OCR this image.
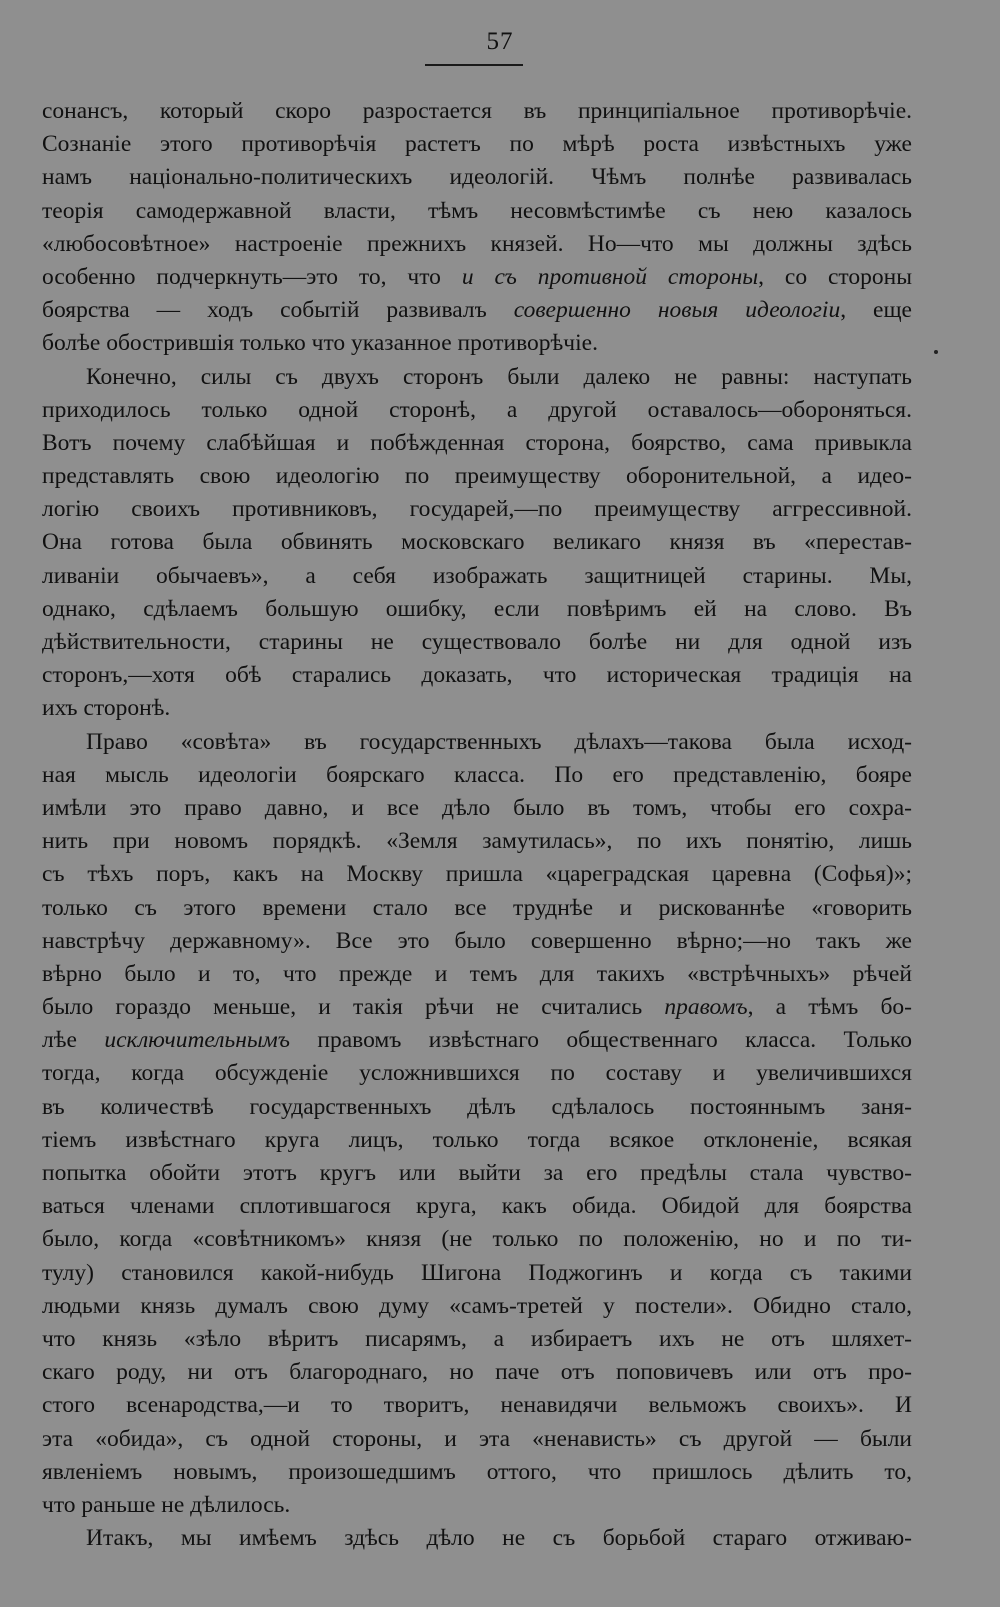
57
сонансъ, который скоро разростается въ принципіальное противорѣчіе.
Сознаніе этого противорѣчія растетъ по мѣрѣ роста извѣстныхъ уже
намъ національно-политическихъ идеологій. Чѣмъ полнѣе развивалась
теорія самодержавной власти, тѣмъ несовмѣстимѣе съ нею казалось
«любосовѣтное» настроеніе прежнихъ князей. Но—что мы должны здѣсь
особенно подчеркнуть—это то, что и съ противной стороны, со стороны
боярства — ходъ событій развивалъ совершенно новыя идеологіи, еще
болѣе обострившія только что указанное противорѣчіе.
Конечно, силы съ двухъ сторонъ были далеко не равны: наступать
приходилось только одной сторонѣ, а другой оставалось—обороняться.
Вотъ почему слабѣйшая и побѣжденная сторона, боярство, сама привыкла
представлять свою идеологію по преимуществу оборонительной, а идео-
логію своихъ противниковъ, государей,—по преимуществу аггрессивной.
Она готова была обвинять московскаго великаго князя въ «перестав-
ливаніи обычаевъ», а себя изображать защитницей старины. Мы,
однако, сдѣлаемъ большую ошибку, если повѣримъ ей на слово. Въ
дѣйствительности, старины не существовало болѣе ни для одной изъ
сторонъ,—хотя обѣ старались доказать, что историческая традиція на
ихъ сторонѣ.
Право «совѣта» въ государственныхъ дѣлахъ—такова была исход-
ная мысль идеологіи боярскаго класса. По его представленію, бояре
имѣли это право давно, и все дѣло было въ томъ, чтобы его сохра-
нить при новомъ порядкѣ. «Земля замутилась», по ихъ понятію, лишь
съ тѣхъ поръ, какъ на Москву пришла «цареградская царевна (Софья)»;
только съ этого времени стало все труднѣе и рискованнѣе «говорить
навстрѣчу державному». Все это было совершенно вѣрно;—но такъ же
вѣрно было и то, что прежде и темъ для такихъ «встрѣчныхъ» рѣчей
было гораздо меньше, и такія рѣчи не считались правомъ, а тѣмъ бо-
лѣе исключительнымъ правомъ извѣстнаго общественнаго класса. Только
тогда, когда обсужденіе усложнившихся по составу и увеличившихся
въ количествѣ государственныхъ дѣлъ сдѣлалось постояннымъ заня-
тіемъ извѣстнаго круга лицъ, только тогда всякое отклоненіе, всякая
попытка обойти этотъ кругъ или выйти за его предѣлы стала чувство-
ваться членами сплотившагося круга, какъ обида. Обидой для боярства
было, когда «совѣтникомъ» князя (не только по положенію, но и по ти-
тулу) становился какой-нибудь Шигона Поджогинъ и когда съ такими
людьми князь думалъ свою думу «самъ-третей у постели». Обидно стало,
что князь «зѣло вѣритъ писарямъ, а избираетъ ихъ не отъ шляхет-
скаго роду, ни отъ благороднаго, но паче отъ поповичевъ или отъ про-
стого всенародства,—и то творитъ, ненавидячи вельможъ своихъ». И
эта «обида», съ одной стороны, и эта «ненависть» съ другой — были
явленіемъ новымъ, произошедшимъ оттого, что пришлось дѣлить то,
что раньше не дѣлилось.
Итакъ, мы имѣемъ здѣсь дѣло не съ борьбой стараго отживаю-
